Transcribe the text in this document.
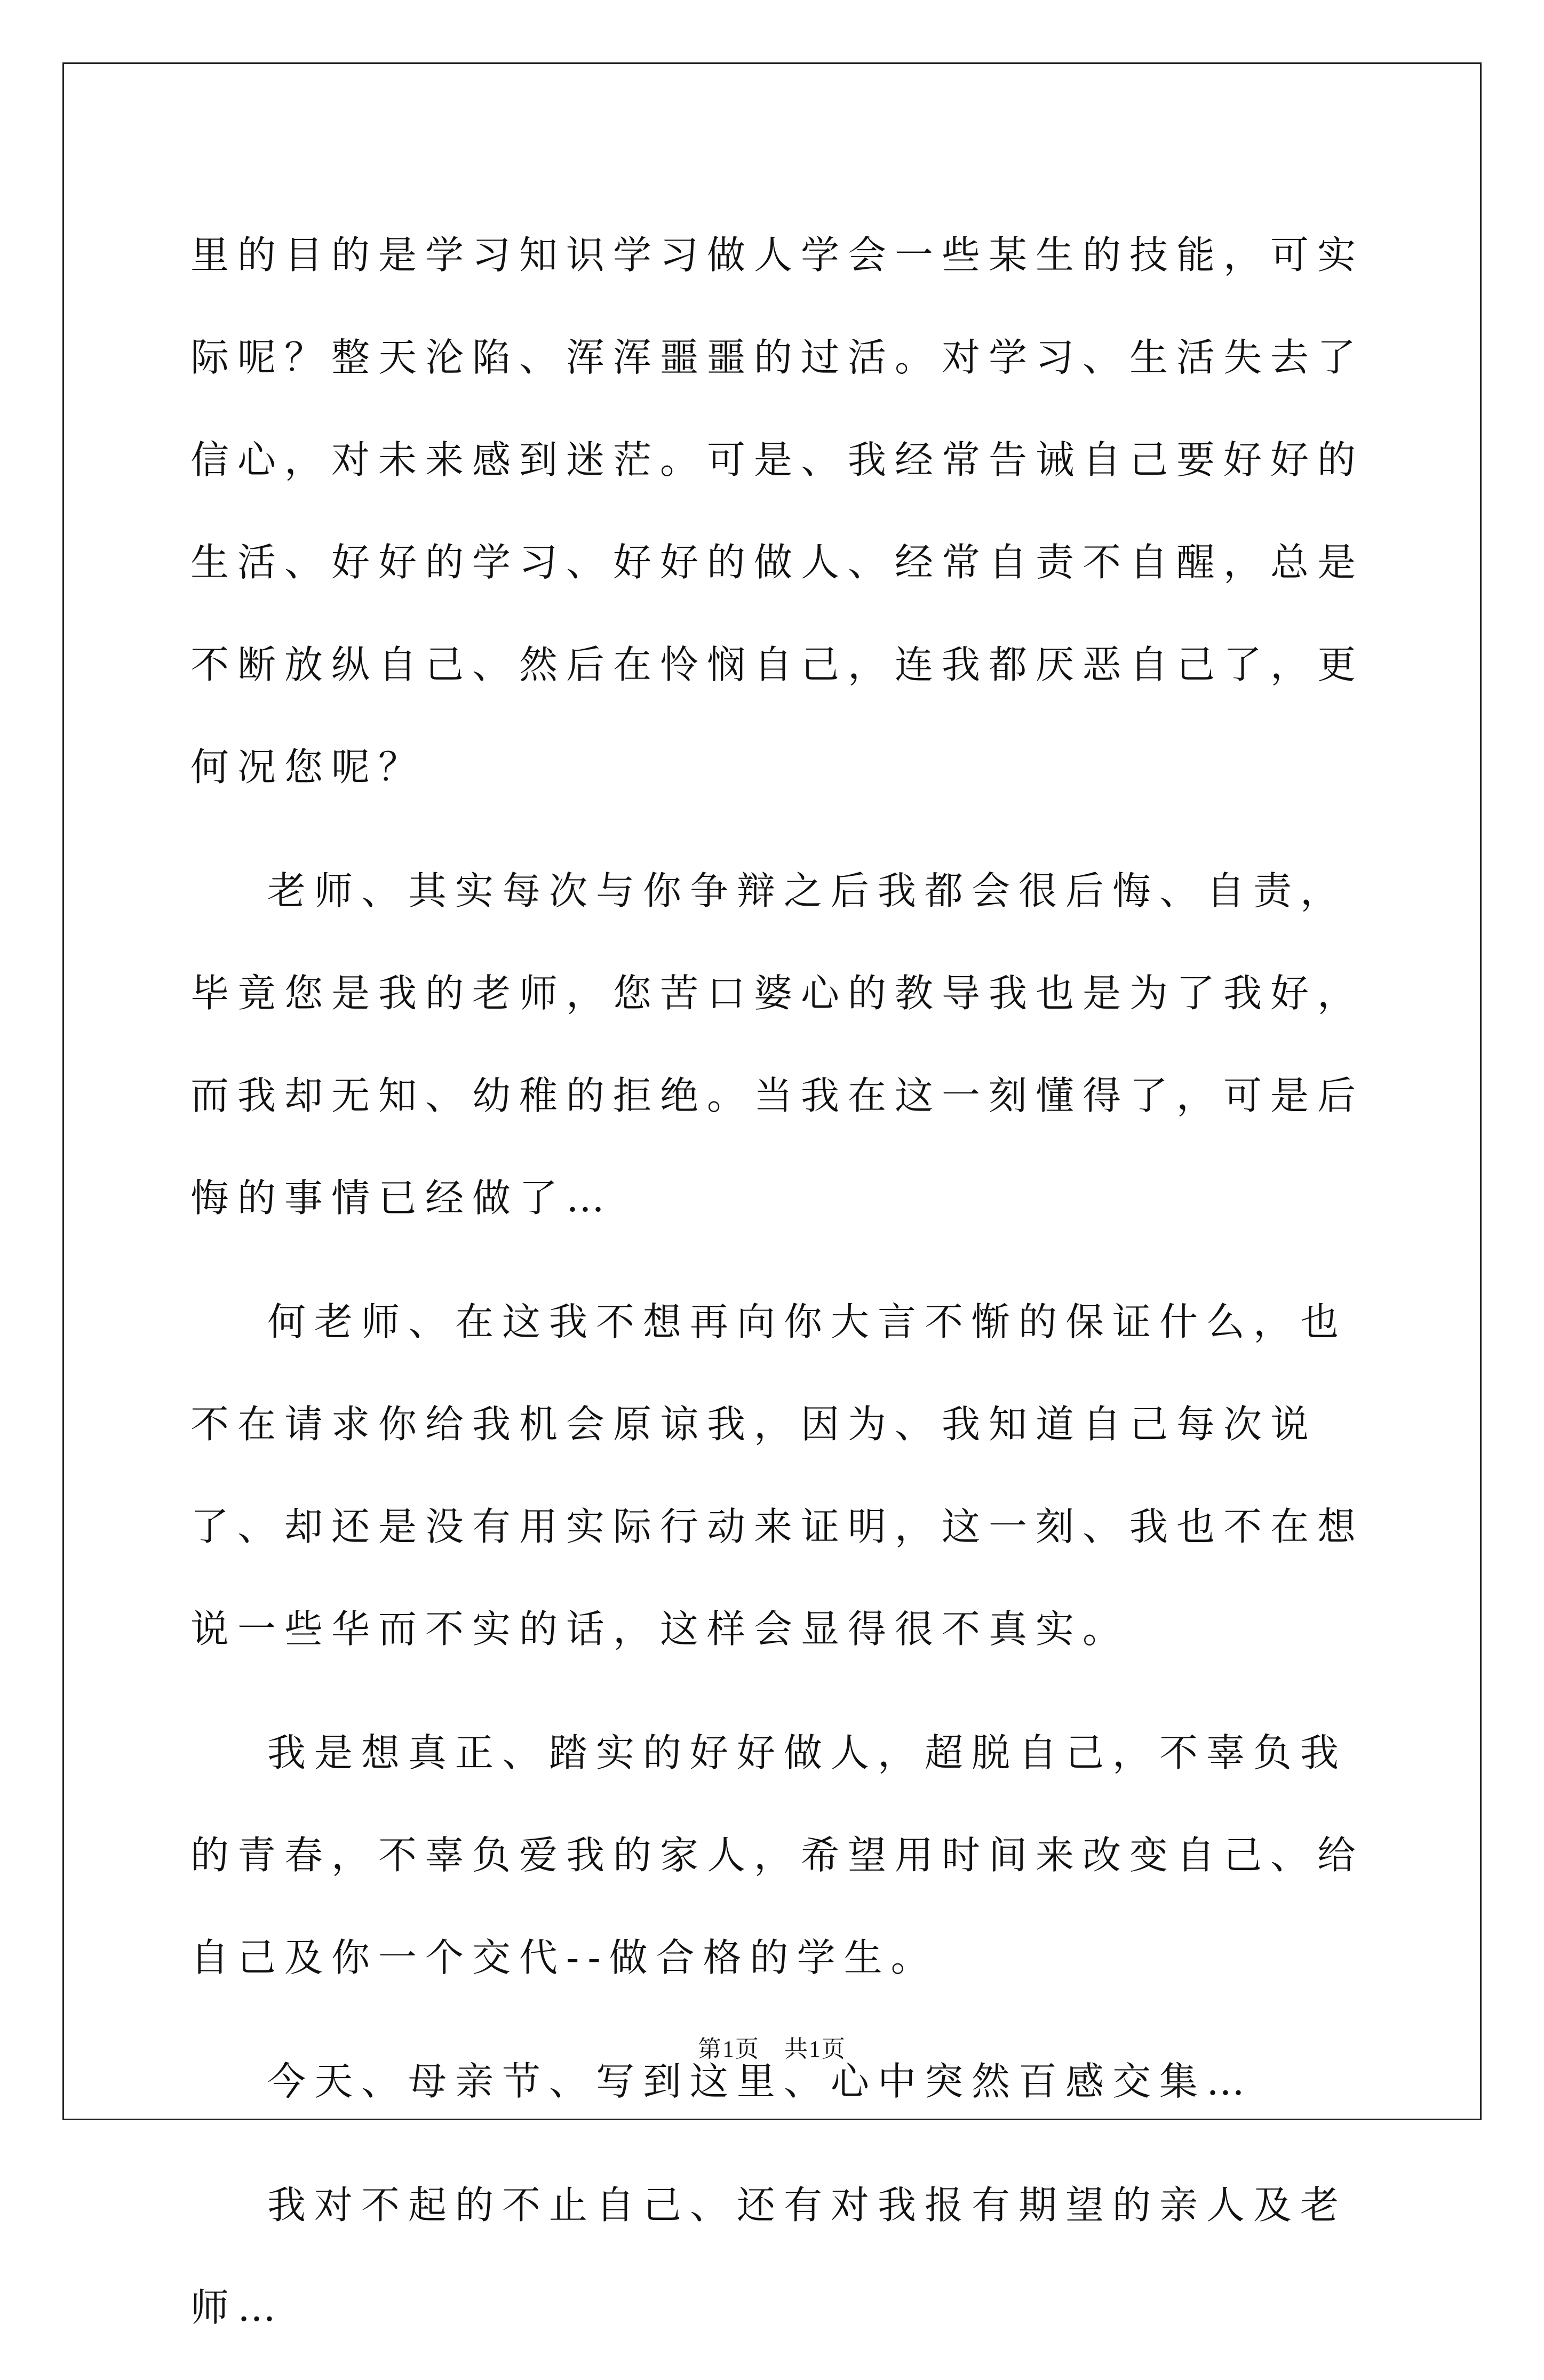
里的目的是学习知识学习做人学会一些某生的技能，可实际呢？整天沦陷、浑浑噩噩的过活。对学习、生活失去了信心，对未来感到迷茫。可是、我经常告诫自己要好好的生活、好好的学习、好好的做人、经常自责不自醒，总是不断放纵自己、然后在怜悯自己，连我都厌恶自己了，更何况您呢？

老师、其实每次与你争辩之后我都会很后悔、自责，毕竟您是我的老师，您苦口婆心的教导我也是为了我好，而我却无知、幼稚的拒绝。当我在这一刻懂得了，可是后悔的事情已经做了…

何老师、在这我不想再向你大言不惭的保证什么，也不在请求你给我机会原谅我，因为、我知道自己每次说了、却还是没有用实际行动来证明，这一刻、我也不在想说一些华而不实的话，这样会显得很不真实。

我是想真正、踏实的好好做人，超脱自己，不辜负我的青春，不辜负爱我的家人，希望用时间来改变自己、给自己及你一个交代--做合格的学生。

今天、母亲节、写到这里、心中突然百感交集…

我对不起的不止自己、还有对我报有期望的亲人及老师…

第1页　共1页
